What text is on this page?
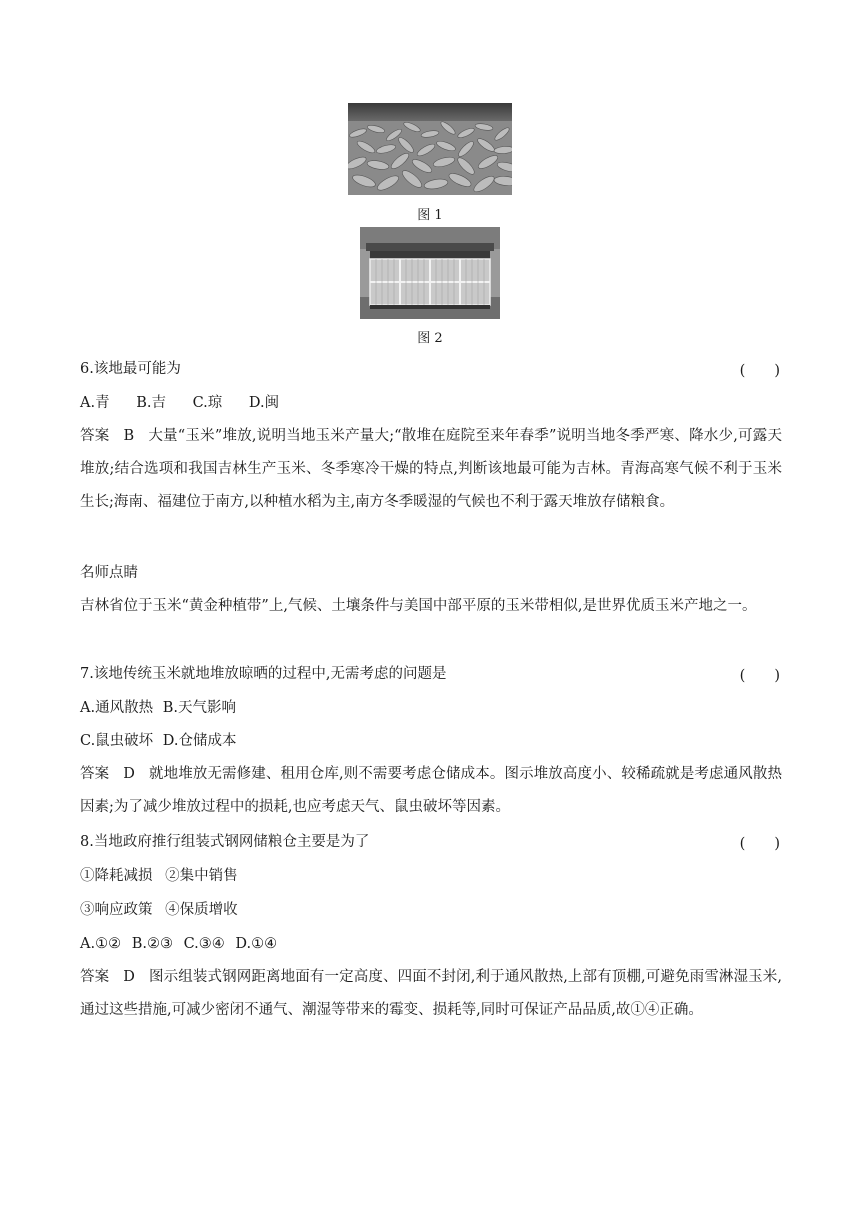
图 1
图 2
6.该地最可能为	(　　)
A.青 B.吉 C.琼 D.闽
答案 B 大量“玉米”堆放,说明当地玉米产量大;“散堆在庭院至来年春季”说明当地冬季严寒、降水少,可露天堆放;结合选项和我国吉林生产玉米、冬季寒冷干燥的特点,判断该地最可能为吉林。青海高寒气候不利于玉米生长;海南、福建位于南方,以种植水稻为主,南方冬季暖湿的气候也不利于露天堆放存储粮食。
名师点睛
吉林省位于玉米“黄金种植带”上,气候、土壤条件与美国中部平原的玉米带相似,是世界优质玉米产地之一。
7.该地传统玉米就地堆放晾晒的过程中,无需考虑的问题是	(　　)
A.通风散热 B.天气影响
C.鼠虫破坏 D.仓储成本
答案 D 就地堆放无需修建、租用仓库,则不需要考虑仓储成本。图示堆放高度小、较稀疏就是考虑通风散热因素;为了减少堆放过程中的损耗,也应考虑天气、鼠虫破坏等因素。
8.当地政府推行组装式钢网储粮仓主要是为了	(　　)
①降耗减损 ②集中销售
③响应政策 ④保质增收
A.①② B.②③ C.③④ D.①④
答案 D 图示组装式钢网距离地面有一定高度、四面不封闭,利于通风散热,上部有顶棚,可避免雨雪淋湿玉米,通过这些措施,可减少密闭不通气、潮湿等带来的霉变、损耗等,同时可保证产品品质,故①④正确。
